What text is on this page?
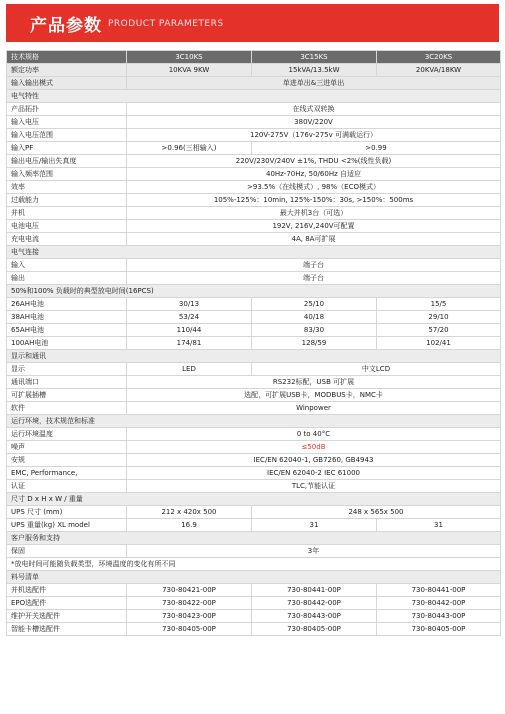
产品参数 PRODUCT PARAMETERS
技术规格	3C10KS	3C15KS	3C20KS
额定功率	10KVA 9KW	15kVA/13.5kW	20KVA/18KW
输入输出模式	单进单出&三进单出		
电气特性			
产品拓扑	在线式双转换		
输入电压	380V/220V		
输入电压范围	120V-275V（176v-275v 可满载运行）		
输入PF	>0.96(三相输入)	>0.99	
输出电压/输出失真度	220V/230V/240V ±1%, THDU <2%(线性负载)		
输入频率范围	40Hz-70Hz, 50/60Hz 自适应		
效率	>93.5%（在线模式）, 98%（ECO模式）		
过载能力	105%-125%：10min, 125%-150%：30s, >150%：500ms		
并机	最大并机3台（可选）		
电池电压	192V, 216V,240V可配置		
充电电流	4A, 8A可扩展		
电气连接			
输入	端子台		
输出	端子台		
50%和100% 负载时的典型放电时间(16PCS)			
26AH电池	30/13	25/10	15/5
38AH电池	53/24	40/18	29/10
65AH电池	110/44	83/30	57/20
100AH电池	174/81	128/59	102/41
显示和通讯			
显示	LED	中文LCD	
通讯端口	RS232标配，USB 可扩展		
可扩展插槽	选配，可扩展USB卡，MODBUS卡，NMC卡		
软件	Winpower		
运行环境，技术规范和标准			
运行环境温度	0 to 40°C		
噪声	≤50dB		
安规	IEC/EN 62040-1, GB7260, GB4943		
EMC, Performance,	IEC/EN 62040-2 IEC 61000		
认证	TLC,节能认证		
尺寸 D x H x W / 重量			
UPS 尺寸 (mm)	212 x 420x 500	248 x 565x 500	
UPS 重量(kg) XL model	16.9	31	31
客户服务和支持			
保固	3年		
*放电时间可能随负载类型，环境温度的变化有所不同			
料号清单			
并机选配件	730-80421-00P	730-80441-00P	730-80441-00P
EPO选配件	730-80422-00P	730-80442-00P	730-80442-00P
维护开关选配件	730-80423-00P	730-80443-00P	730-80443-00P
智能卡槽选配件	730-80405-00P	730-80405-00P	730-80405-00P
